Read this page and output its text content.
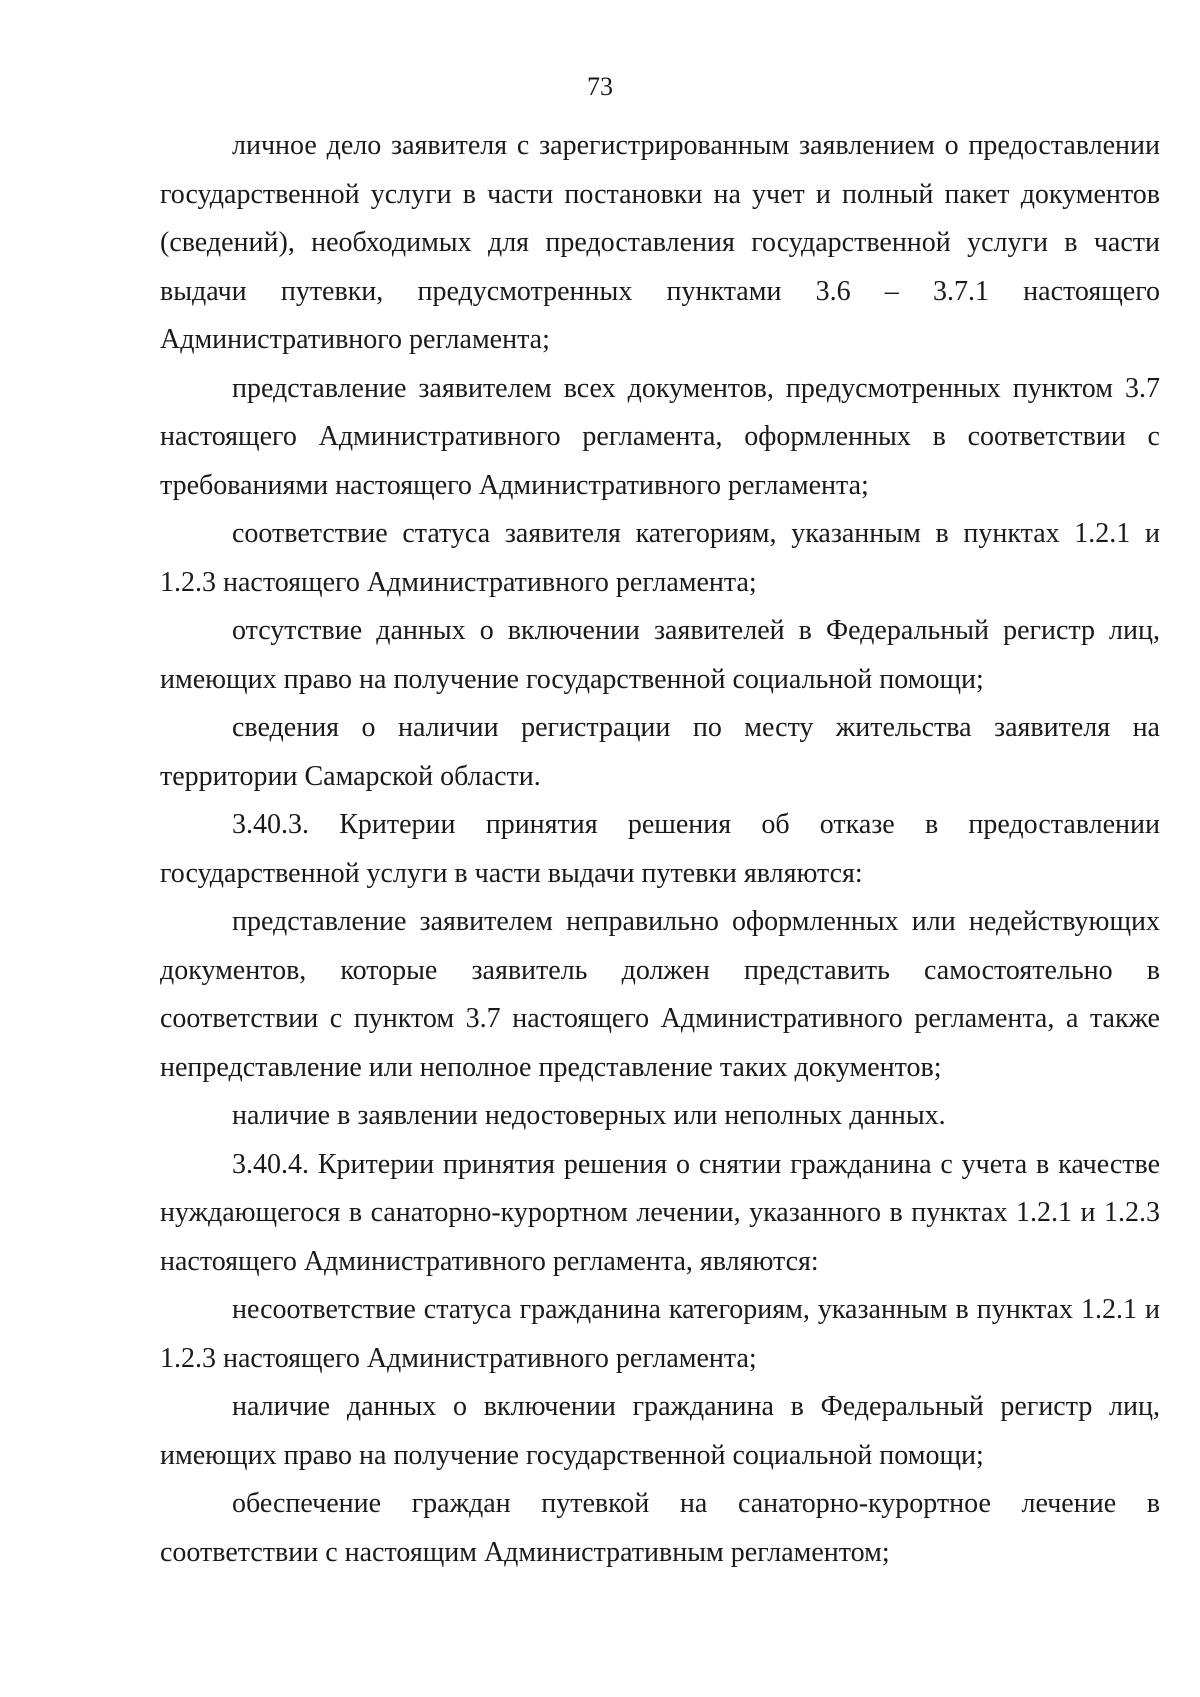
73

личное дело заявителя с зарегистрированным заявлением о предоставлении государственной услуги в части постановки на учет и полный пакет документов (сведений), необходимых для предоставления государственной услуги в части выдачи путевки, предусмотренных пунктами 3.6 – 3.7.1 настоящего Административного регламента;

представление заявителем всех документов, предусмотренных пунктом 3.7 настоящего Административного регламента, оформленных в соответствии с требованиями настоящего Административного регламента;

соответствие статуса заявителя категориям, указанным в пунктах 1.2.1 и 1.2.3 настоящего Административного регламента;

отсутствие данных о включении заявителей в Федеральный регистр лиц, имеющих право на получение государственной социальной помощи;

сведения о наличии регистрации по месту жительства заявителя на территории Самарской области.

3.40.3. Критерии принятия решения об отказе в предоставлении государственной услуги в части выдачи путевки являются:

представление заявителем неправильно оформленных или недействующих документов, которые заявитель должен представить самостоятельно в соответствии с пунктом 3.7 настоящего Административного регламента, а также непредставление или неполное представление таких документов;

наличие в заявлении недостоверных или неполных данных.

3.40.4. Критерии принятия решения о снятии гражданина с учета в качестве нуждающегося в санаторно-курортном лечении, указанного в пунктах 1.2.1 и 1.2.3 настоящего Административного регламента, являются:

несоответствие статуса гражданина категориям, указанным в пунктах 1.2.1 и 1.2.3 настоящего Административного регламента;

наличие данных о включении гражданина в Федеральный регистр лиц, имеющих право на получение государственной социальной помощи;

обеспечение граждан путевкой на санаторно-курортное лечение в соответствии с настоящим Административным регламентом;
